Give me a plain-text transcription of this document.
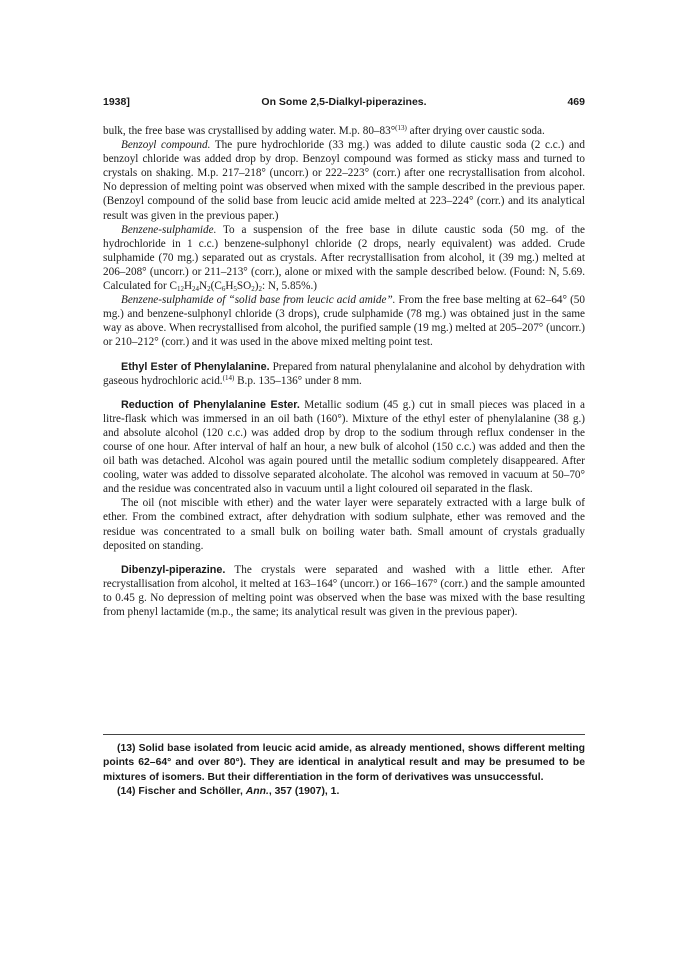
1938]	On Some 2,5-Dialkyl-piperazines.	469

bulk, the free base was crystallised by adding water. M.p. 80–83°$^{(13)}$ after drying over caustic soda.

Benzoyl compound. The pure hydrochloride (33 mg.) was added to dilute caustic soda (2 c.c.) and benzoyl chloride was added drop by drop. Benzoyl compound was formed as sticky mass and turned to crystals on shaking. M.p. 217–218° (uncorr.) or 222–223° (corr.) after one recrystallisation from alcohol. No depression of melting point was observed when mixed with the sample described in the previous paper. (Benzoyl compound of the solid base from leucic acid amide melted at 223–224° (corr.) and its analytical result was given in the previous paper.)

Benzene-sulphamide. To a suspension of the free base in dilute caustic soda (50 mg. of the hydrochloride in 1 c.c.) benzene-sulphonyl chloride (2 drops, nearly equivalent) was added. Crude sulphamide (70 mg.) separated out as crystals. After recrystallisation from alcohol, it (39 mg.) melted at 206–208° (uncorr.) or 211–213° (corr.), alone or mixed with the sample described below. (Found: N, 5.69. Calculated for $C_{12}H_{24}N_2(C_6H_5SO_2)_2$: N, 5.85%.)

Benzene-sulphamide of “solid base from leucic acid amide”. From the free base melting at 62–64° (50 mg.) and benzene-sulphonyl chloride (3 drops), crude sulphamide (78 mg.) was obtained just in the same way as above. When recrystallised from alcohol, the purified sample (19 mg.) melted at 205–207° (uncorr.) or 210–212° (corr.) and it was used in the above mixed melting point test.

Ethyl Ester of Phenylalanine. Prepared from natural phenylalanine and alcohol by dehydration with gaseous hydrochloric acid.$^{(14)}$ B.p. 135–136° under 8 mm.

Reduction of Phenylalanine Ester. Metallic sodium (45 g.) cut in small pieces was placed in a litre-flask which was immersed in an oil bath (160°). Mixture of the ethyl ester of phenylalanine (38 g.) and absolute alcohol (120 c.c.) was added drop by drop to the sodium through reflux condenser in the course of one hour. After interval of half an hour, a new bulk of alcohol (150 c.c.) was added and then the oil bath was detached. Alcohol was again poured until the metallic sodium completely disappeared. After cooling, water was added to dissolve separated alcoholate. The alcohol was removed in vacuum at 50–70° and the residue was concentrated also in vacuum until a light coloured oil separated in the flask.

The oil (not miscible with ether) and the water layer were separately extracted with a large bulk of ether. From the combined extract, after dehydration with sodium sulphate, ether was removed and the residue was concentrated to a small bulk on boiling water bath. Small amount of crystals gradually deposited on standing.

Dibenzyl-piperazine. The crystals were separated and washed with a little ether. After recrystallisation from alcohol, it melted at 163–164° (uncorr.) or 166–167° (corr.) and the sample amounted to 0.45 g. No depression of melting point was observed when the base was mixed with the base resulting from phenyl lactamide (m.p., the same; its analytical result was given in the previous paper).

(13) Solid base isolated from leucic acid amide, as already mentioned, shows different melting points 62–64° and over 80°). They are identical in analytical result and may be presumed to be mixtures of isomers. But their differentiation in the form of derivatives was unsuccessful.

(14) Fischer and Schöller, Ann., 357 (1907), 1.
